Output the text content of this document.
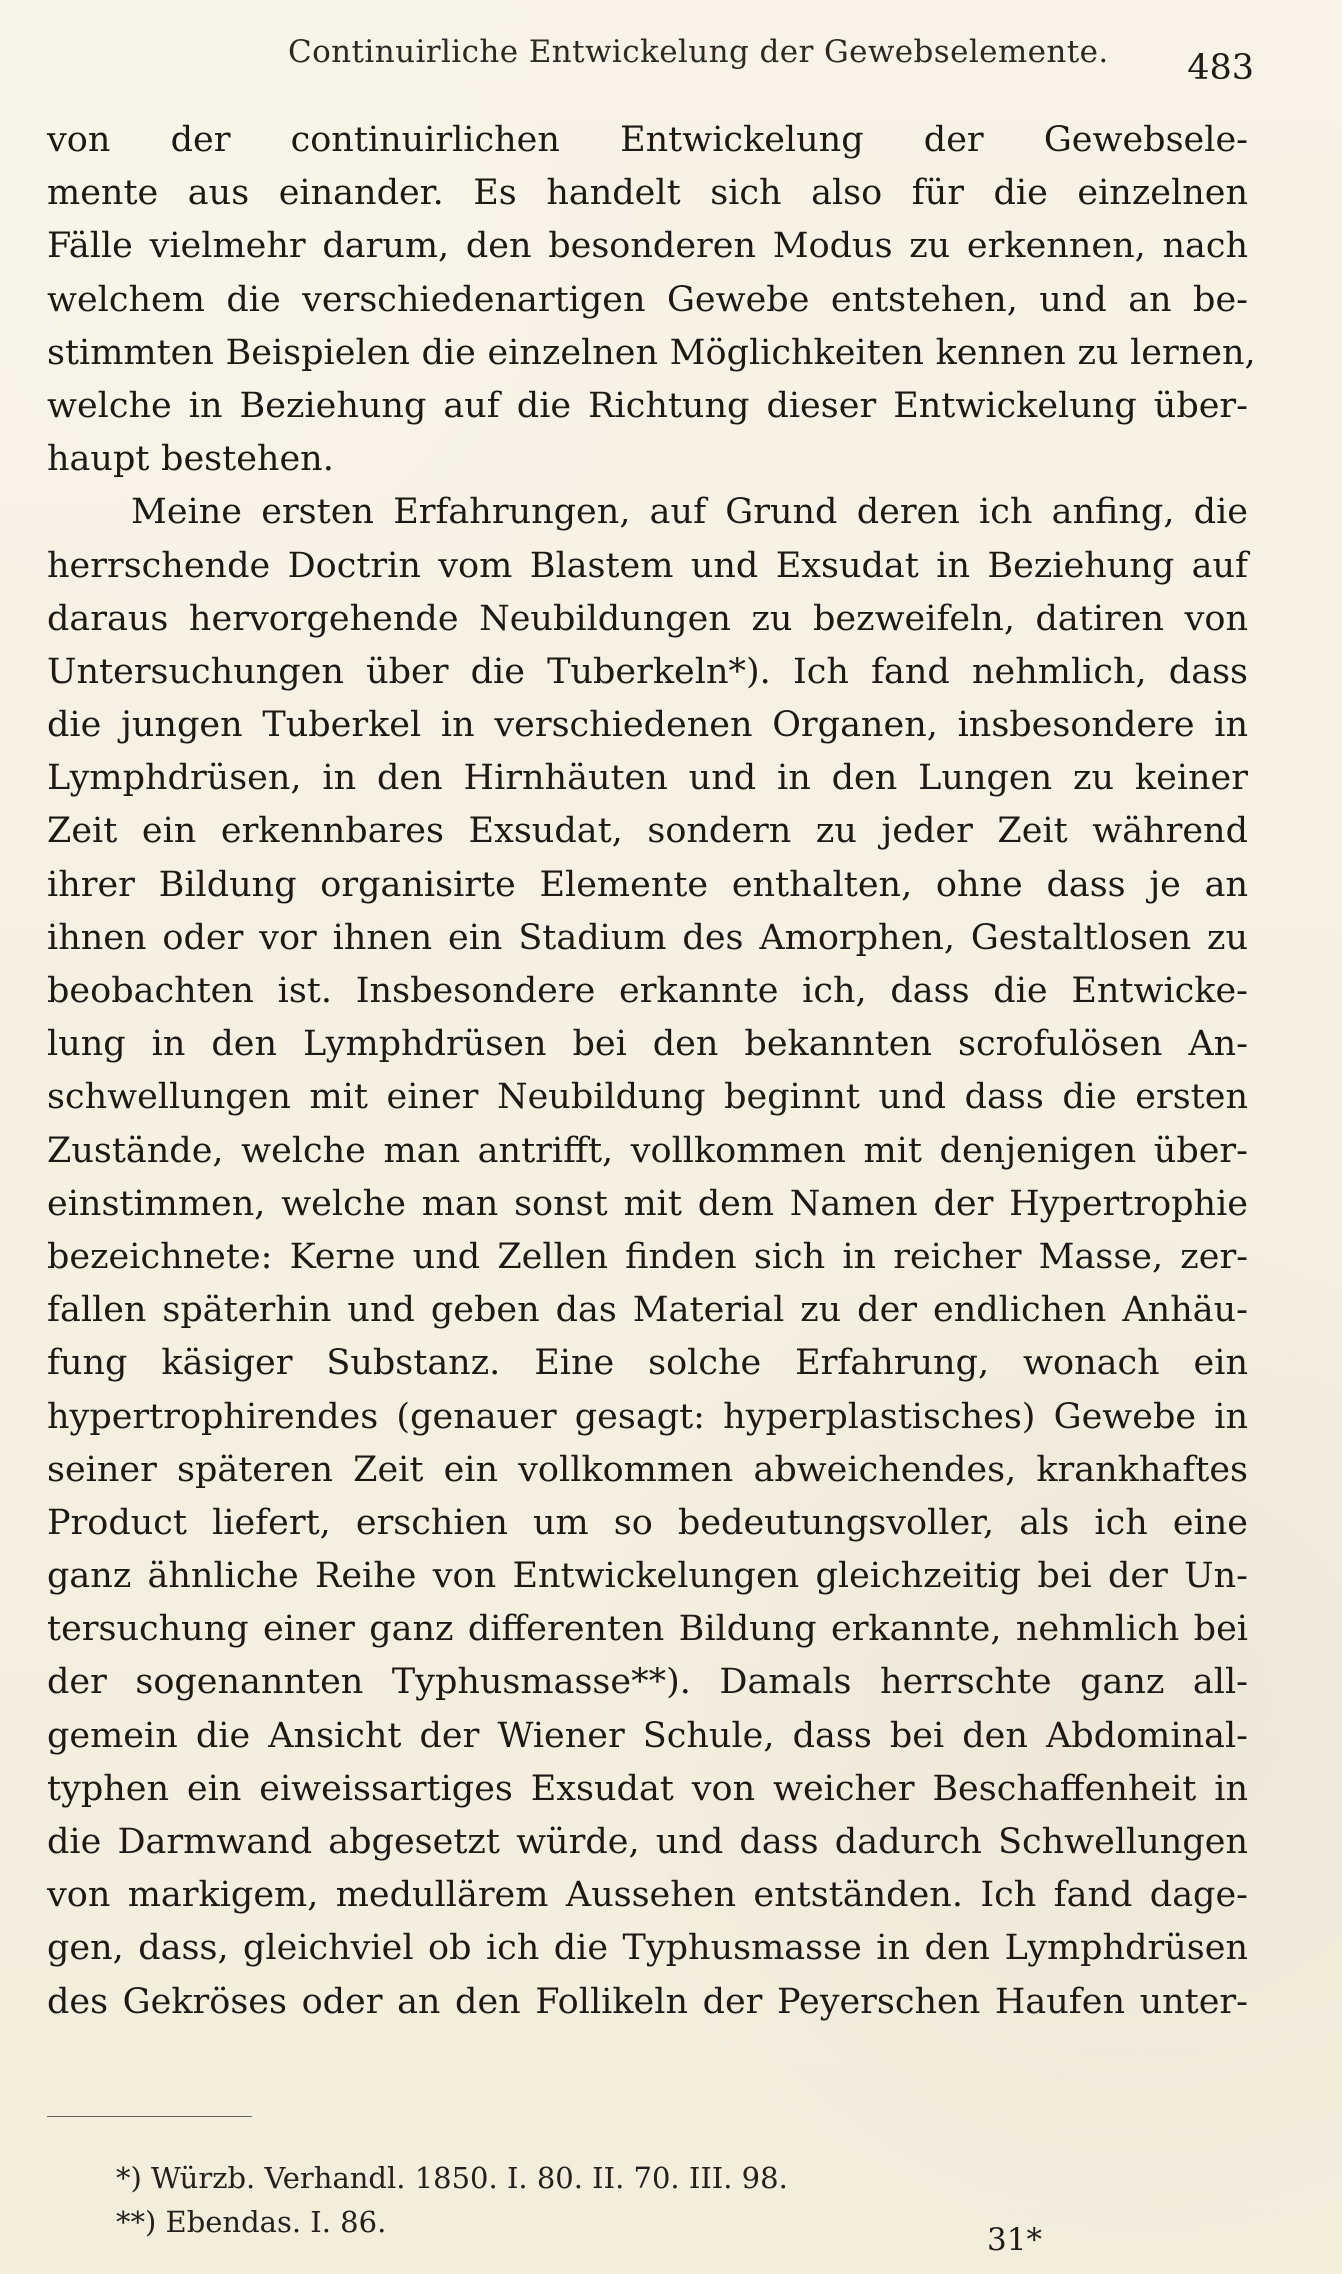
Continuirliche Entwickelung der Gewebselemente. 483
von der continuirlichen Entwickelung der Gewebsele-
mente aus einander. Es handelt sich also für die einzelnen
Fälle vielmehr darum, den besonderen Modus zu erkennen, nach
welchem die verschiedenartigen Gewebe entstehen, und an be-
stimmten Beispielen die einzelnen Möglichkeiten kennen zu lernen,
welche in Beziehung auf die Richtung dieser Entwickelung über-
haupt bestehen.
Meine ersten Erfahrungen, auf Grund deren ich anfing, die
herrschende Doctrin vom Blastem und Exsudat in Beziehung auf
daraus hervorgehende Neubildungen zu bezweifeln, datiren von
Untersuchungen über die Tuberkeln*). Ich fand nehmlich, dass
die jungen Tuberkel in verschiedenen Organen, insbesondere in
Lymphdrüsen, in den Hirnhäuten und in den Lungen zu keiner
Zeit ein erkennbares Exsudat, sondern zu jeder Zeit während
ihrer Bildung organisirte Elemente enthalten, ohne dass je an
ihnen oder vor ihnen ein Stadium des Amorphen, Gestaltlosen zu
beobachten ist. Insbesondere erkannte ich, dass die Entwicke-
lung in den Lymphdrüsen bei den bekannten scrofulösen An-
schwellungen mit einer Neubildung beginnt und dass die ersten
Zustände, welche man antrifft, vollkommen mit denjenigen über-
einstimmen, welche man sonst mit dem Namen der Hypertrophie
bezeichnete: Kerne und Zellen finden sich in reicher Masse, zer-
fallen späterhin und geben das Material zu der endlichen Anhäu-
fung käsiger Substanz. Eine solche Erfahrung, wonach ein
hypertrophirendes (genauer gesagt: hyperplastisches) Gewebe in
seiner späteren Zeit ein vollkommen abweichendes, krankhaftes
Product liefert, erschien um so bedeutungsvoller, als ich eine
ganz ähnliche Reihe von Entwickelungen gleichzeitig bei der Un-
tersuchung einer ganz differenten Bildung erkannte, nehmlich bei
der sogenannten Typhusmasse**). Damals herrschte ganz all-
gemein die Ansicht der Wiener Schule, dass bei den Abdominal-
typhen ein eiweissartiges Exsudat von weicher Beschaffenheit in
die Darmwand abgesetzt würde, und dass dadurch Schwellungen
von markigem, medullärem Aussehen entständen. Ich fand dage-
gen, dass, gleichviel ob ich die Typhusmasse in den Lymphdrüsen
des Gekröses oder an den Follikeln der Peyerschen Haufen unter-
*) Würzb. Verhandl. 1850. I. 80. II. 70. III. 98.
**) Ebendas. I. 86.	31*
